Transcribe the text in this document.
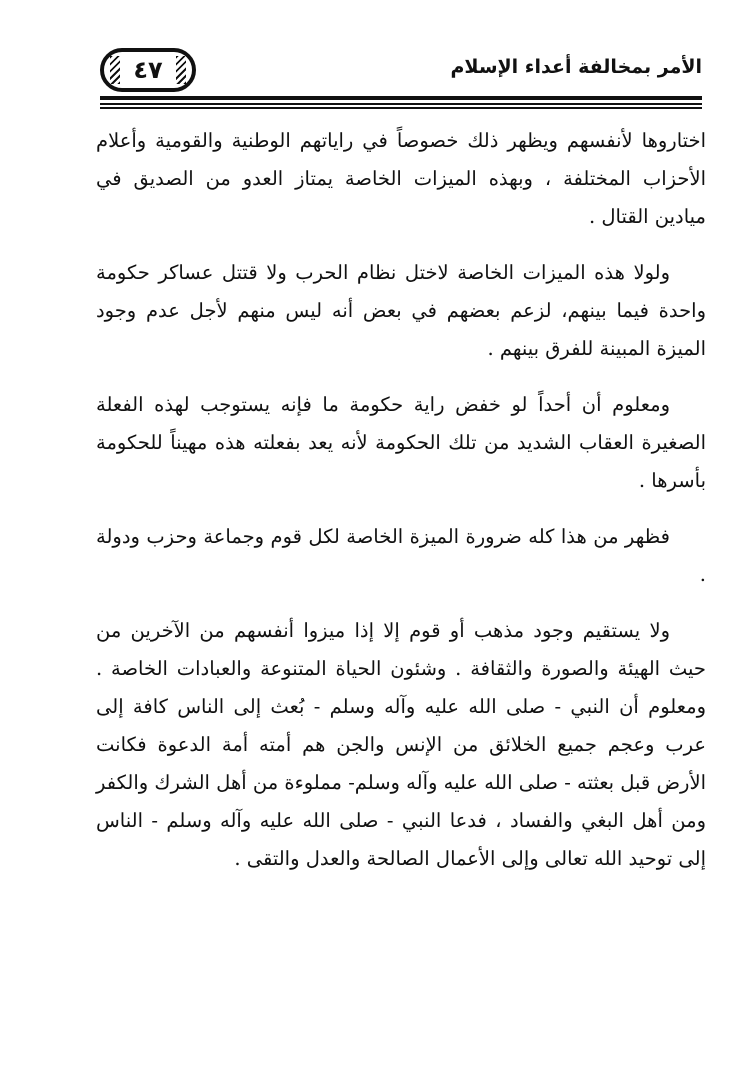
٤٧	الأمر بمخالفة أعداء الإسلام

اختاروها لأنفسهم ويظهر ذلك خصوصاً في راياتهم الوطنية والقومية وأعلام الأحزاب المختلفة ، وبهذه الميزات الخاصة يمتاز العدو من الصديق في ميادين القتال .

ولولا هذه الميزات الخاصة لاختل نظام الحرب ولا قتتل عساكر حكومة واحدة فيما بينهم، لزعم بعضهم في بعض أنه ليس منهم لأجل عدم وجود الميزة المبينة للفرق بينهم .

ومعلوم أن أحداً لو خفض راية حكومة ما فإنه يستوجب لهذه الفعلة الصغيرة العقاب الشديد من تلك الحكومة لأنه يعد بفعلته هذه مهيناً للحكومة بأسرها .

فظهر من هذا كله ضرورة الميزة الخاصة لكل قوم وجماعة وحزب ودولة .

ولا يستقيم وجود مذهب أو قوم إلا إذا ميزوا أنفسهم من الآخرين من حيث الهيئة والصورة والثقافة . وشئون الحياة المتنوعة والعبادات الخاصة . ومعلوم أن النبي - صلى الله عليه وآله وسلم - بُعث إلى الناس كافة إلى عرب وعجم جميع الخلائق من الإنس والجن هم أمته أمة الدعوة فكانت الأرض قبل بعثته - صلى الله عليه وآله وسلم- مملوءة من أهل الشرك والكفر ومن أهل البغي والفساد ، فدعا النبي - صلى الله عليه وآله وسلم - الناس إلى توحيد الله تعالى وإلى الأعمال الصالحة والعدل والتقى .
